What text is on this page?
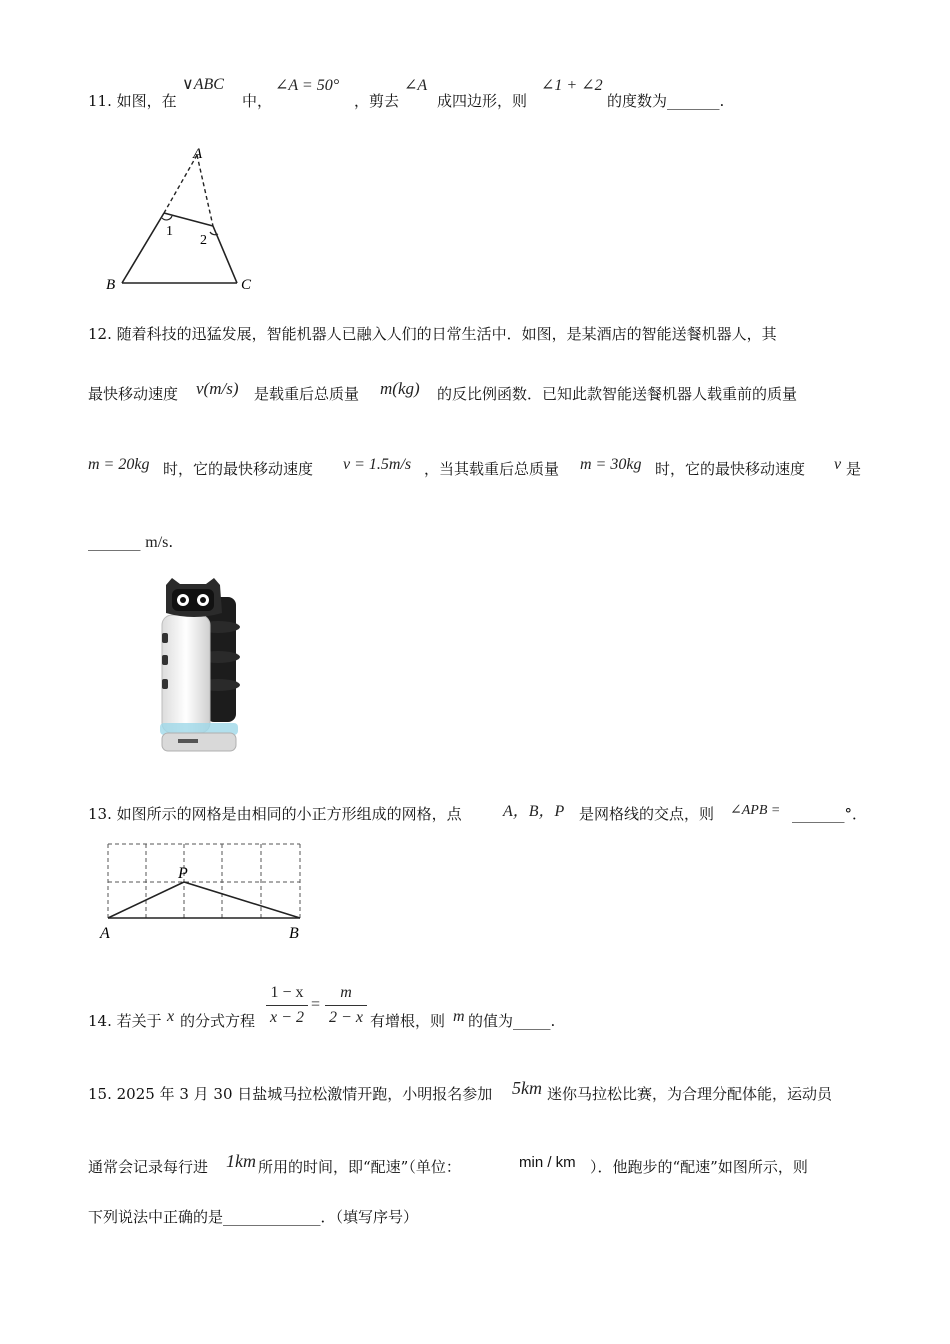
11. 如图，在
∨ABC
中，
∠A = 50°
，剪去
∠A
成四边形，则
∠1 + ∠2
的度数为_______.
A
B	C
1
2
12. 随着科技的迅猛发展，智能机器人已融入人们的日常生活中．如图，是某酒店的智能送餐机器人，其
最快移动速度 v(m/s) 是载重后总质量 m(kg) 的反比例函数．已知此款智能送餐机器人载重前的质量
m = 20kg 时，它的最快移动速度 v = 1.5m/s ，当其载重后总质量 m = 30kg 时，它的最快移动速度 v 是
_______ m/s.
13. 如图所示的网格是由相同的小正方形组成的网格，点	A，B，P 是网格线的交点，则 ∠APB = _______°．
P
A	B
14. 若关于 x 的分式方程
1 − x
x − 2
=
m
2 − x 有增根，则 m 的值为_____.
15. 2025 年 3 月 30 日盐城马拉松激情开跑，小明报名参加 5km 迷你马拉松比赛，为合理分配体能，运动员
通常会记录每行进 1km 所用的时间，即“配速”（单位：	min / km ）．他跑步的“配速”如图所示，则
下列说法中正确的是_____________．（填写序号）
